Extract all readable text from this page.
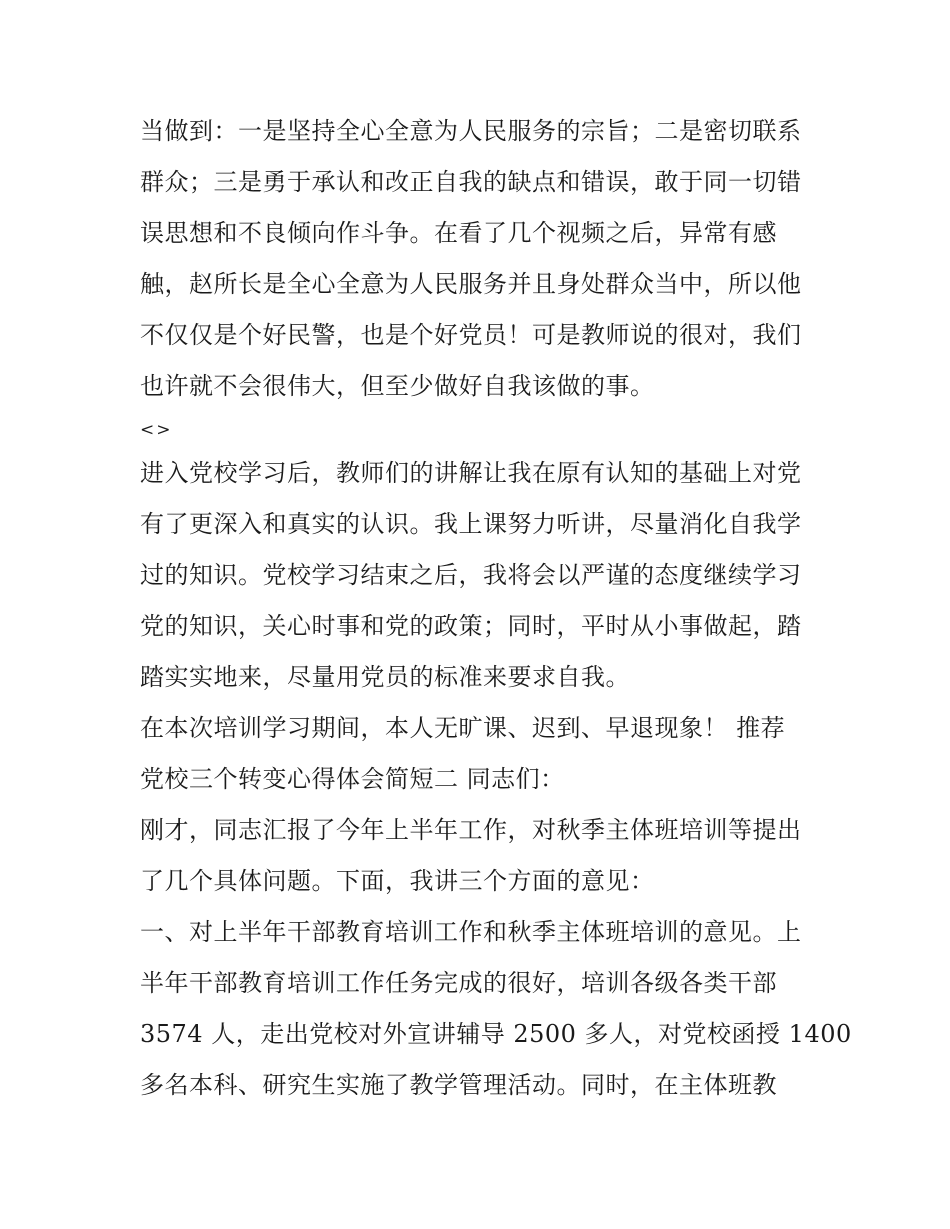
当做到：一是坚持全心全意为人民服务的宗旨；二是密切联系
群众；三是勇于承认和改正自我的缺点和错误，敢于同一切错
误思想和不良倾向作斗争。在看了几个视频之后，异常有感
触，赵所长是全心全意为人民服务并且身处群众当中，所以他
不仅仅是个好民警，也是个好党员！可是教师说的很对，我们
也许就不会很伟大，但至少做好自我该做的事。
<>
进入党校学习后，教师们的讲解让我在原有认知的基础上对党
有了更深入和真实的认识。我上课努力听讲，尽量消化自我学
过的知识。党校学习结束之后，我将会以严谨的态度继续学习
党的知识，关心时事和党的政策；同时，平时从小事做起，踏
踏实实地来，尽量用党员的标准来要求自我。
在本次培训学习期间，本人无旷课、迟到、早退现象！ 推荐
党校三个转变心得体会简短二 同志们：
刚才，同志汇报了今年上半年工作，对秋季主体班培训等提出
了几个具体问题。下面，我讲三个方面的意见：
一、对上半年干部教育培训工作和秋季主体班培训的意见。上
半年干部教育培训工作任务完成的很好，培训各级各类干部
3574 人，走出党校对外宣讲辅导 2500 多人，对党校函授 1400
多名本科、研究生实施了教学管理活动。同时，在主体班教
